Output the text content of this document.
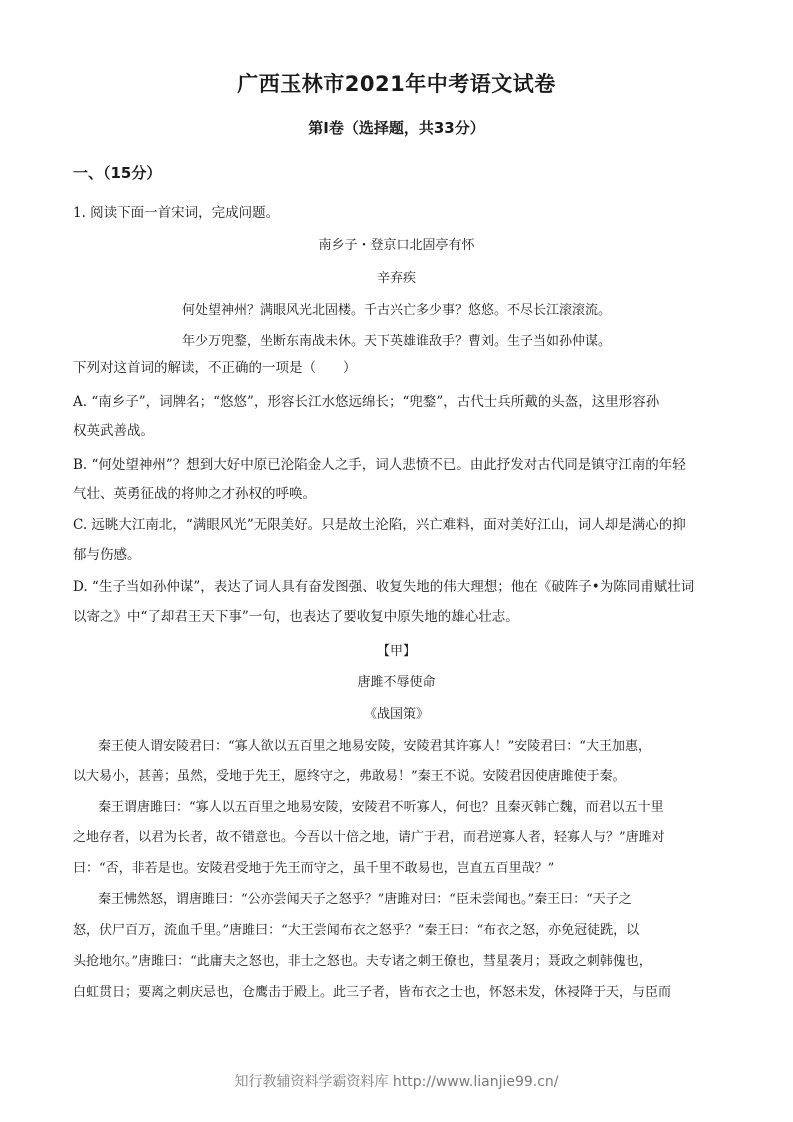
广西玉林市2021年中考语文试卷
第I卷（选择题，共33分）
一、（15分）
1. 阅读下面一首宋词，完成问题。
南乡子・登京口北固亭有怀
辛弃疾
何处望神州？满眼风光北固楼。千古兴亡多少事？悠悠。不尽长江滚滚流。
年少万兜鍪，坐断东南战未休。天下英雄谁敌手？曹刘。生子当如孙仲谋。
下列对这首词的解读，不正确的一项是（　　）
A. “南乡子”，词牌名；“悠悠”，形容长江水悠远绵长；“兜鍪”，古代士兵所戴的头盔，这里形容孙
权英武善战。
B. “何处望神州”？想到大好中原已沦陷金人之手，词人悲愤不已。由此抒发对古代同是镇守江南的年轻
气壮、英勇征战的将帅之才孙权的呼唤。
C. 远眺大江南北，“满眼风光”无限美好。只是故土沦陷，兴亡难料，面对美好江山，词人却是满心的抑
郁与伤感。
D. “生子当如孙仲谋”，表达了词人具有奋发图强、收复失地的伟大理想；他在《破阵子•为陈同甫赋壮词
以寄之》中“了却君王天下事”一句，也表达了要收复中原失地的雄心壮志。
【甲】
唐雎不辱使命
《战国策》
秦王使人谓安陵君曰：“寡人欲以五百里之地易安陵，安陵君其许寡人！”安陵君曰：“大王加惠，
以大易小，甚善；虽然，受地于先王，愿终守之，弗敢易！”秦王不说。安陵君因使唐雎使于秦。
秦王谓唐雎曰：“寡人以五百里之地易安陵，安陵君不听寡人，何也？且秦灭韩亡魏，而君以五十里
之地存者，以君为长者，故不错意也。今吾以十倍之地，请广于君，而君逆寡人者，轻寡人与？”唐雎对
曰：“否，非若是也。安陵君受地于先王而守之，虽千里不敢易也，岂直五百里哉？”
秦王怫然怒，谓唐雎曰：“公亦尝闻天子之怒乎？”唐雎对曰：“臣未尝闻也。”秦王曰：“天子之
怒，伏尸百万，流血千里。”唐雎曰：“大王尝闻布衣之怒乎？”秦王曰：“布衣之怒，亦免冠徒跣，以
头抢地尔。”唐雎曰：“此庸夫之怒也，非士之怒也。夫专诸之刺王僚也，彗星袭月；聂政之刺韩傀也，
白虹贯日；要离之刺庆忌也，仓鹰击于殿上。此三子者，皆布衣之士也，怀怒未发，休祲降于天，与臣而
知行教辅资料学霸资料库 http://www.lianjie99.cn/
